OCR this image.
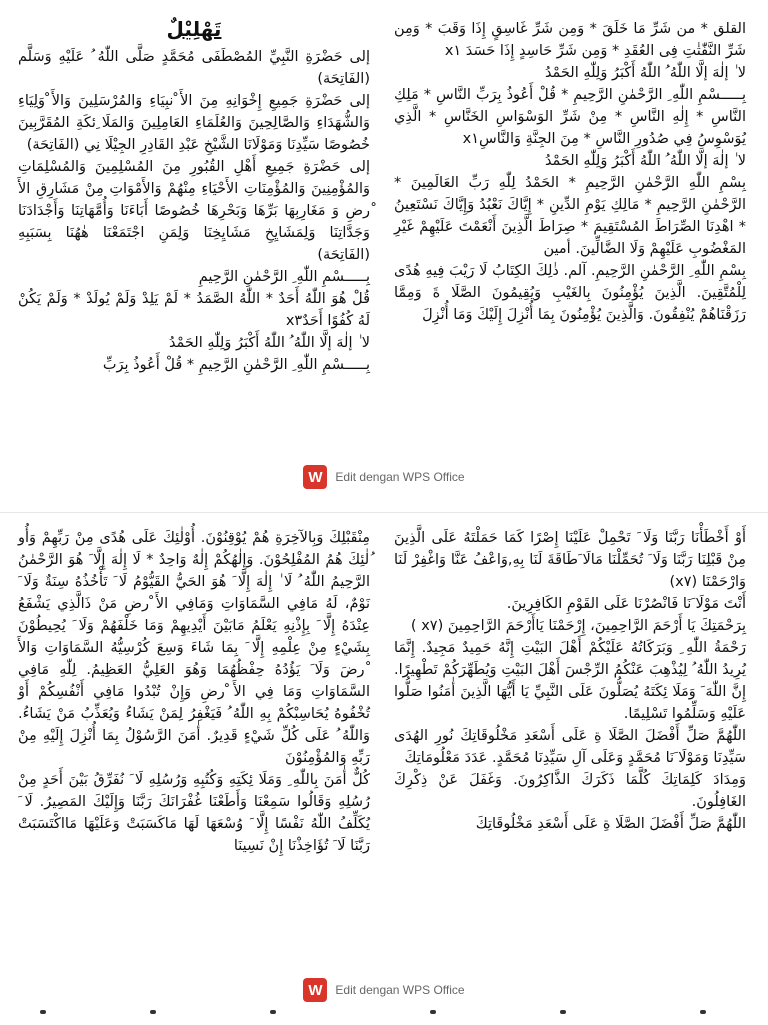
القلق * من شَرِّ مَا خَلَقَ * وَمِن شَرِّ غَاسِقٍ إِذَا وَقَبَ * وَمِن شَرِّ النَّفّٰثٰتِ فِى العُقَدِ * وَمِن شَرِّ حَاسِدٍ إِذَا حَسَدَ x١

لا ٰ إلٰهَ إلَّا اللّٰهُ ُ اللّٰهُ أَكْبَرُ وَلِلّٰهِ الحَمْدُ

بِـــــسْمِ اللّٰهِ ِ الرَّحْمٰنِ الرَّحِيمِ * قُلْ أَعُوذُ بِرَبِّ النَّاسِ * مَلِكِ النَّاسِ * إِلٰهِ النَّاسِ * مِنْ شَرِّ الوَسْوَاسِ الخَنَّاسِ * الَّذِي يُوَسْوِسُ فِي صُدُورِ النَّاسِ * مِنَ الجِنَّةِ وَالنَّاسِx١

لا ٰ إلٰهَ إلَّا اللّٰهُ ُ اللّٰهُ أَكْبَرُ وَلِلّٰهِ الحَمْدُ

بِسْمِ اللّٰهِ الرَّحْمٰنِ الرَّحِيمِ * الحَمْدُ لِلّٰهِ رَبِّ العَالَمِينَ * الرَّحْمٰنِ الرَّحِيمِ * مَالِكِ يَوْمِ الدِّينِ * إِيَّاكَ نَعْبُدُ وَإِيَّاكَ نَسْتَعِينُ * اهْدِنَا الصِّرَاطَ المُسْتَقِيمَ * صِرَاطَ الَّذِينَ أَنْعَمْتَ عَلَيْهِمْ غَيْرِ المَغْضُوبِ عَلَيْهِمْ وَلَا الضَّالِّينَ. أمين

بِسْمِ اللّٰهِ ِ الرَّحْمٰنِ الرَّحِيمِ. آلم. ذٰلِكَ الكِتَابُ لَا رَيْبَ فِيهِ هُدًى لِلْمُتَّقِينَ. الَّذِينَ يُؤْمِنُونَ بِالغَيْبِ وَيُقِيمُونَ الصَّلَا ةَ وَمِمَّا رَزَقْنَاهُمْ يُنْفِقُونَ. وَالَّذِينَ يُؤْمِنُونَ بِمَا أُنْزِلَ إِلَيْكَ وَمَا أُنْزِلَ

تَهْلِيْلٌ

إلى حَضْرَةِ النَّبِيِّ المُصْطَفَى مُحَمَّدٍ صَلَّى اللّٰهُ ُ عَلَيْهِ وَسَلَّم (الفَاتِحَة)

إلى حَضْرَةِ جَمِيعِ إِخْوَانِهِ مِنَ الأَ ْنبِيَاءِ وَالمُرْسَلِينَ وَالأَ ْوَلِيَاءِ وَالشُّهَدَاءِ وَالصَّالِحِينَ وَالعُلَمَاءِ العَامِلِينَ وَالمَلَا ِئكَةِ المُقَرَّبِينَ خُصُوصًا سَيِّدِنَا وَمَوْلَانَا الشَّيْخِ عَبْدِ القَادِرِ الجِيْلَا نِي (الفَاتِحَة)

إلى حَضْرَةِ جَمِيعِ أَهْلِ القُبُورِ مِنَ المُسْلِمِينَ وَالمُسْلِمَاتِ وَالمُؤْمِنِينَ وَالمُؤْمِنَاتِ الأَحْيَاءِ مِنْهُمْ وَالأَمْوَاتِ مِنْ مَشَارِقِ الأَ ْرضِ وَ مَغَارِبِهَا بَرِّهَا وَبَحْرِهَا خُصُوصًا أَبَاءَنَا وَأُمَّهَاتِنَا وَأَجْدَادَنَا وَجَدَّاتِنَا وَلِمَشَايِخِ مَشَايِخِنَا وَلِمَنِ اجْتَمَعْنَا هٰهُنَا بِسَبَبِهِ (الفَاتِحَة)

بِـــــسْمِ اللّٰهِ ِ الرَّحْمٰنِ الرَّحِيمِ

قُلْ هُوَ اللّٰهُ أَحَدٌ * اللّٰهُ الصَّمَدُ * لَمْ يَلِدْ وَلَمْ يُولَدْ * وَلَمْ يَكُنْ لَهُ كُفُوًا أَحَدٌx٣

لا ٰ إلٰهَ إلَّا اللّٰهُ ُ اللّٰهُ أَكْبَرُ وَلِلّٰهِ الحَمْدُ

بِـــــسْمِ اللّٰهِ ِ الرَّحْمٰنِ الرَّحِيمِ * قُلْ أَعُوذُ بِرَبِّ

W	Edit dengan WPS Office

أَوْ أَخْطَأْنَا رَبَّنَا وَلَا َ تَحْمِلْ عَلَيْنَا إِصْرًا كَمَا حَمَلْتَهُ عَلَى الَّذِينَ مِنْ قَبْلِنَا رَبَّنَا وَلَا َ تُحَمِّلْنَا مَالَا َطَاقَةَ لَنَا بِهِ,وَاعْفُ عَنَّا وَاغْفِرْ لَنَا وَارْحَمْنَا (x٧)

أَنْتَ مَوْلَا َنَا فَانْصُرْنَا عَلَى القَوْمِ الكَافِرِينَ.

بِرَحْمَتِكَ يَا أَرْحَمَ الرَّاحِمِينَ، إِرْحَمْنَا يَاأَرْحَمَ الرَّاحِمِينَ (x٧ )

رَحْمَةُ اللّٰهِ ِ وَبَرَكَاتُهُ عَلَيْكُمْ أَهْلَ البَيْتِ إِنَّهُ حَمِيدٌ مَجِيدٌ. إِنَّمَا يُرِيدُ اللّٰهُ ُ لِيُذْهِبَ عَنْكُمُ الرِّجْسَ أَهْلَ البَيْتِ وَيُطَهِّرَكُمْ تَطْهِيرًا. إِنَّ اللّٰهَ َ وَمَلَا ئِكَتَهُ يُصَلُّونَ عَلَى النَّبِيِّ يَا أَيُّهَا الَّذِينَ أٰمَنُوا صَلُّوا عَلَيْهِ وَسَلِّمُوا تَسْلِيمًا.

اللّٰهُمَّ صَلِّ أَفْضَلَ الصَّلَا ةِ عَلَى أَسْعَدِ مَخْلُوقَاتِكَ نُورِ الهُدَى سَيِّدِنَا وَمَوْلَا َنَا مُحَمَّدٍ وَعَلَى آلِ سَيِّدِنَا مُحَمَّدٍ. عَدَدَ مَعْلُومَاتِكَ

وَمِدَادَ كَلِمَاتِكَ كُلَّمَا ذَكَرَكَ الذَّاكِرُونَ. وَغَفَلَ عَنْ ذِكْرِكَ الغَافِلُونَ.

اللّٰهُمَّ صَلِّ أَفْضَلَ الصَّلَا ةِ عَلَى أَسْعَدِ مَخْلُوقَاتِكَ

مِنْقَبْلِكَ وَبِالآخِرَةِ هُمْ يُوْقِنُوْنَ. أُوْلٰئِكَ عَلَى هُدًى مِنْ رَبِّهِمْ وَأُو ُلٰئِكَ هُمُ المُفْلِحُوْنَ. وَإِلٰهُكُمْ إِلٰهٌ وَاحِدٌ * لَا إِلٰهَ إِلَّا َ هُوَ الرَّحْمٰنُ الرَّحِيمُ اللّٰهُ ُ لَا ٰ إِلٰهَ إِلَّا َ هُوَ الحَيُّ القَيُّوْمُ لَا َ تَأْخُذُهُ سِنَةٌ وَلَا َ نَوْمٌ، لَهُ مَافِي السَّمَاوَاتِ وَمَافِي الأَ ْرضِ مَنْ ذَالَّذِي يَشْفَعُ عِنْدَهُ إِلَّا َ بِإِذْنِهِ يَعْلَمُ مَابَيْنَ أَيْدِيهِمْ وَمَا خَلْفَهُمْ وَلَا َ يُحِيطُوْنَ بِشَيْءٍ مِنْ عِلْمِهِ إِلَّا َ بِمَا شَاءَ وَسِعَ كُرْسِيُّهُ السَّمَاوَاتِ وَالأَ ْرضَ وَلَا َ يَؤُدُهُ حِفْظُهُمَا وَهُوَ العَلِيُّ العَظِيمُ. لِلّٰهِ مَافِي السَّمَاوَاتِ وَمَا فِي الأَ ْرضِ وَإِنْ تُبْدُوا مَافِي أَنْفُسِكُمْ أَوْ تُخْفُوهُ يُحَاسِبْكُمْ بِهِ اللّٰهُ ُ فَيَغْفِرُ لِمَنْ يَشَاءُ وَيُعَذِّبُ مَنْ يَشَاءُ. وَاللّٰهُ ُ عَلَى كُلِّ شَيْءٍ قَدِيرٌ. أٰمَنَ الرَّسُوْلُ بِمَا أُنْزِلَ إِلَيْهِ مِنْ رَبِّهِ وَالمُؤْمِنُوْنَ

كُلٌّ أٰمَنَ بِاللّٰهِ ِ وَمَلَا ئِكَتِهِ وَكُتُبِهِ وَرُسُلِهِ لَا َ نُفَرِّقُ بَيْنَ أَحَدٍ مِنْ رُسُلِهِ وَقَالُوا سَمِعْنَا وَأَطَعْنَا غُفْرَانَكَ رَبَّنَا وَإِلَيْكَ المَصِيرُ. لَا َ يُكَلِّفُ اللّٰهُ نَفْسًا إِلَّا َ وُسْعَهَا لَهَا مَاكَسَبَتْ وَعَلَيْهَا مَااكْتَسَبَتْ رَبَّنَا لَا َ تُؤَاخِذْنَا إِنْ نَسِينَا

W	Edit dengan WPS Office
